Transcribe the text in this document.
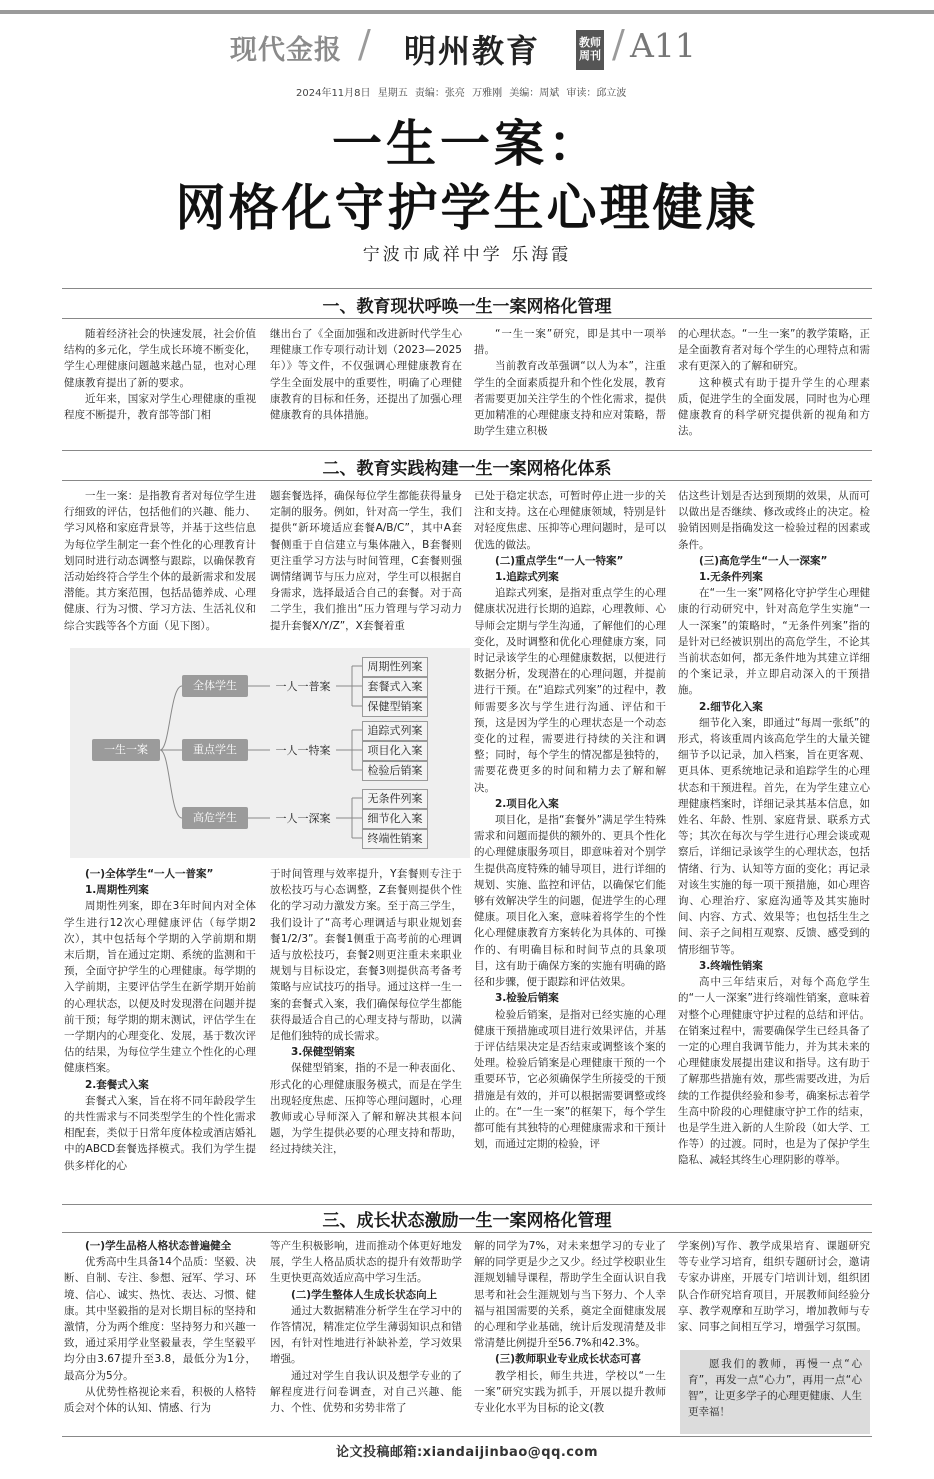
现代金报 / 明州教育	教师
周刊 / A11
2024年11月8日 星期五 责编：张亮 万雅刚 美编：周斌 审读：邱立波
一生一案：
网格化守护学生心理健康
宁波市咸祥中学 乐海霞
一、教育现状呼唤一生一案网格化管理

随着经济社会的快速发展，社会价值结构的多元化，学生成长环境不断变化，学生心理健康问题越来越凸显，也对心理健康教育提出了新的要求。

近年来，国家对学生心理健康的重视程度不断提升，教育部等部门相

继出台了《全面加强和改进新时代学生心理健康工作专项行动计划（2023—2025年）》等文件，不仅强调心理健康教育在学生全面发展中的重要性，明确了心理健康教育的目标和任务，还提出了加强心理健康教育的具体措施。

“一生一案”研究，即是其中一项举措。

当前教育改革强调“以人为本”，注重学生的全面素质提升和个性化发展，教育者需要更加关注学生的个性化需求，提供更加精准的心理健康支持和应对策略，帮助学生建立积极

的心理状态。“一生一案”的教学策略，正是全面教育者对每个学生的心理特点和需求有更深入的了解和研究。

这种模式有助于提升学生的心理素质，促进学生的全面发展，同时也为心理健康教育的科学研究提供新的视角和方法。

二、教育实践构建一生一案网格化体系

一生一案：是指教育者对每位学生进行细致的评估，包括他们的兴趣、能力、学习风格和家庭背景等，并基于这些信息为每位学生制定一套个性化的心理教育计划同时进行动态调整与跟踪，以确保教育活动始终符合学生个体的最新需求和发展潜能。其方案范围，包括品德养成、心理健康、行为习惯、学习方法、生活礼仪和综合实践等各个方面（见下图）。

题套餐选择，确保每位学生都能获得量身定制的服务。例如，针对高一学生，我们提供“新环境适应套餐A/B/C”，其中A套餐侧重于自信建立与集体融入，B套餐则更注重学习方法与时间管理，C套餐则强调情绪调节与压力应对，学生可以根据自身需求，选择最适合自己的套餐。对于高二学生，我们推出“压力管理与学习动力提升套餐X/Y/Z”，X套餐着重

已处于稳定状态，可暂时停止进一步的关注和支持。这在心理健康领域，特别是针对轻度焦虑、压抑等心理问题时，是可以优选的做法。

(二)重点学生“一人一特案”

1.追踪式列案

追踪式列案，是指对重点学生的心理健康状况进行长期的追踪，心理教师、心导师会定期与学生沟通，了解他们的心理变化，及时调整和优化心理健康方案，同时记录该学生的心理健康数据，以便进行数据分析，发现潜在的心理问题，并提前进行干预。在“追踪式列案”的过程中，教师需要多次与学生进行沟通、评估和干预，这是因为学生的心理状态是一个动态变化的过程，需要进行持续的关注和调整；同时，每个学生的情况都是独特的，需要花费更多的时间和精力去了解和解决。

2.项目化入案

项目化，是指“套餐外”满足学生特殊需求和问题而提供的额外的、更具个性化的心理健康服务项目，即意味着对个别学生提供高度特殊的辅导项目，进行详细的规划、实施、监控和评估，以确保它们能够有效解决学生的问题，促进学生的心理健康。项目化入案，意味着将学生的个性化心理健康教育方案转化为具体的、可操作的、有明确目标和时间节点的具象项目，这有助于确保方案的实施有明确的路径和步骤，便于跟踪和评估效果。

3.检验后销案

检验后销案，是指对已经实施的心理健康干预措施或项目进行效果评估，并基于评估结果决定是否结束或调整该个案的处理。检验后销案是心理健康干预的一个重要环节，它必须确保学生所接受的干预措施是有效的，并可以根据需要调整或终止的。在“一生一案”的框架下，每个学生都可能有其独特的心理健康需求和干预计划，而通过定期的检验，评

估这些计划是否达到预期的效果，从而可以做出是否继续、修改或终止的决定。检验销因则是指确发这一检验过程的因素或条件。

(三)高危学生“一人一深案”

1.无条件列案

在“一生一案”网格化守护学生心理健康的行动研究中，针对高危学生实施“一人一深案”的策略时，“无条件列案”指的是针对已经被识别出的高危学生，不论其当前状态如何，都无条件地为其建立详细的个案记录，并立即启动深入的干预措施。

2.细节化入案

细节化入案，即通过“每周一张纸”的形式，将该重周内该高危学生的大量关键细节予以记录，加入档案，旨在更客观、更具体、更系统地记录和追踪学生的心理状态和干预进程。首先，在为学生建立心理健康档案时，详细记录其基本信息，如姓名、年龄、性别、家庭背景、联系方式等；其次在每次与学生进行心理会谈或观察后，详细记录该学生的心理状态，包括情绪、行为、认知等方面的变化；再记录对该生实施的每一项干预措施，如心理咨询、心理治疗、家庭沟通等及其实施时间、内容、方式、效果等；也包括生生之间、亲子之间相互观察、反馈、感受到的情形细节等。

3.终端性销案

高中三年结束后，对每个高危学生的“一人一深案”进行终端性销案，意味着对整个心理健康守护过程的总结和评估。在销案过程中，需要确保学生已经具备了一定的心理自我调节能力，并为其未来的心理健康发展提出建议和指导。这有助于了解那些措施有效，那些需要改进，为后续的工作提供经验和参考，确案标志着学生高中阶段的心理健康守护工作的结束，也是学生进入新的人生阶段（如大学、工作等）的过渡。同时，也是为了保护学生隐私、减轻其终生心理阴影的尊举。

一生一案
全体学生	一人一普案
周期性列案
套餐式入案
保健型销案
重点学生	一人一特案
追踪式列案
项目化入案
检验后销案
高危学生	一人一深案
无条件列案
细节化入案
终端性销案

(一)全体学生“一人一普案”

1.周期性列案

周期性列案，即在3年时间内对全体学生进行12次心理健康评估（每学期2次），其中包括每个学期的入学前期和期末后期，旨在通过定期、系统的监测和干预，全面守护学生的心理健康。每学期的入学前期，主要评估学生在新学期开始前的心理状态，以便及时发现潜在问题并提前干预；每学期的期末测试，评估学生在一学期内的心理变化、发展，基于数次评估的结果，为每位学生建立个性化的心理健康档案。

2.套餐式入案

套餐式入案，旨在将不同年龄段学生的共性需求与不同类型学生的个性化需求相配套，类似于日常年度体检或酒店婚礼中的ABCD套餐选择模式。我们为学生提供多样化的心

于时间管理与效率提升，Y套餐则专注于放松技巧与心态调整，Z套餐则提供个性化的学习动力激发方案。至于高三学生，我们设计了“高考心理调适与职业规划套餐1/2/3”。套餐1侧重于高考前的心理调适与放松技巧，套餐2则更注重未来职业规划与目标设定，套餐3则提供高考备考策略与应试技巧的指导。通过这样一生一案的套餐式入案，我们确保每位学生都能获得最适合自己的心理支持与帮助，以满足他们独特的成长需求。

3.保健型销案

保健型销案，指的不是一种表面化、形式化的心理健康服务模式，而是在学生出现轻度焦虑、压抑等心理问题时，心理教师或心导师深入了解和解决其根本问题，为学生提供必要的心理支持和帮助，经过持续关注，

三、成长状态激励一生一案网格化管理

(一)学生品格人格状态普遍健全

优秀高中生具备14个品质：坚毅、决断、自制、专注、参想、冠军、学习、环境、信心、诚实、热忱、表达、习惯、健康。其中坚毅指的是对长期目标的坚持和激情，分为两个维度：坚持努力和兴趣一致，通过采用学业坚毅量表，学生坚毅平均分由3.67提升至3.8，最低分为1分，最高分为5分。

从优势性格视论来看，积极的人格特质会对个体的认知、情感、行为

等产生积极影响，进而推动个体更好地发展，学生人格品质状态的提升有效帮助学生更快更高效适应高中学习生活。

(二)学生整体人生成长状态向上

通过大数据精准分析学生在学习中的作答情况，精准定位学生薄弱知识点和错因，有针对性地进行补缺补差，学习效果增强。

通过对学生自我认识及想学专业的了解程度进行问卷调查，对自己兴趣、能力、个性、优势和劣势非常了

解的同学为7%，对未来想学习的专业了解的同学更是少之又少。经过学校职业生涯规划辅导课程，帮助学生全面认识自我思考和社会生涯规划与当下努力、个人幸福与祖国需要的关系，奠定全面健康发展的心理和学业基础，统计后发现清楚及非常清楚比例提升至56.7%和42.3%。

(三)教师职业专业成长状态可喜

教学相长，师生共进，学校以“一生一案”研究实践为抓手，开展以提升教师专业化水平为目标的论文(教

学案例)写作、教学成果培育、课题研究等专业学习培育，组织专题研讨会，邀请专家办讲座，开展专门培训计划，组织团队合作研究培育项目，开展教师间经验分享、教学观摩和互助学习，增加教师与专家、同事之间相互学习，增强学习氛围。

愿我们的教师，再慢一点“心育”，再发一点“心力”，再用一点“心智”，让更多学子的心理更健康、人生更幸福！
论文投稿邮箱:xiandaijinbao@qq.com
